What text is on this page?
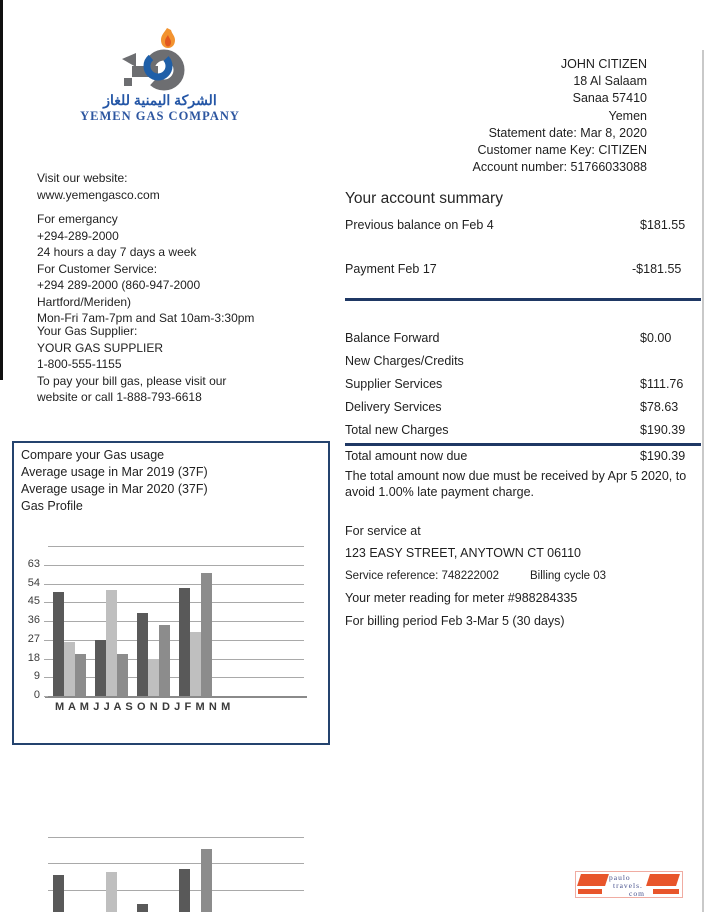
الشركة اليمنية للغاز
YEMEN GAS COMPANY
JOHN CITIZEN
18 Al Salaam
Sanaa 57410
Yemen
Statement date: Mar 8, 2020
Customer name Key: CITIZEN
Account number: 51766033088
Visit our website:
www.yemengasco.com
For emergancy
+294-289-2000
24 hours a day 7 days a week
For Customer Service:
+294 289-2000 (860-947-2000
Hartford/Meriden)
Mon-Fri 7am-7pm and Sat 10am-3:30pm
Your Gas Supplier:
YOUR GAS SUPPLIER
1-800-555-1155
To pay your bill gas, please visit our
website or call 1-888-793-6618
Your account summary
Previous balance on Feb 4	$181.55
Payment Feb 17	-$181.55
Balance Forward	$0.00
New Charges/Credits
Supplier Services	$111.76
Delivery Services	$78.63
Total new Charges	$190.39
Total amount now due	$190.39
The total amount now due must be received by Apr 5 2020, to avoid 1.00% late payment charge.
For service at
123 EASY STREET, ANYTOWN CT 06110
Service reference: 748222002	Billing cycle 03
Your meter reading for meter #988284335
For billing period Feb 3-Mar 5 (30 days)
Compare your Gas usage
Average usage in Mar 2019 (37F)
Average usage in Mar 2020 (37F)
Gas Profile
0
9
18
27
36
45
54
63
M A M J J A S O N D J F M N M
paulo
travels.
com
